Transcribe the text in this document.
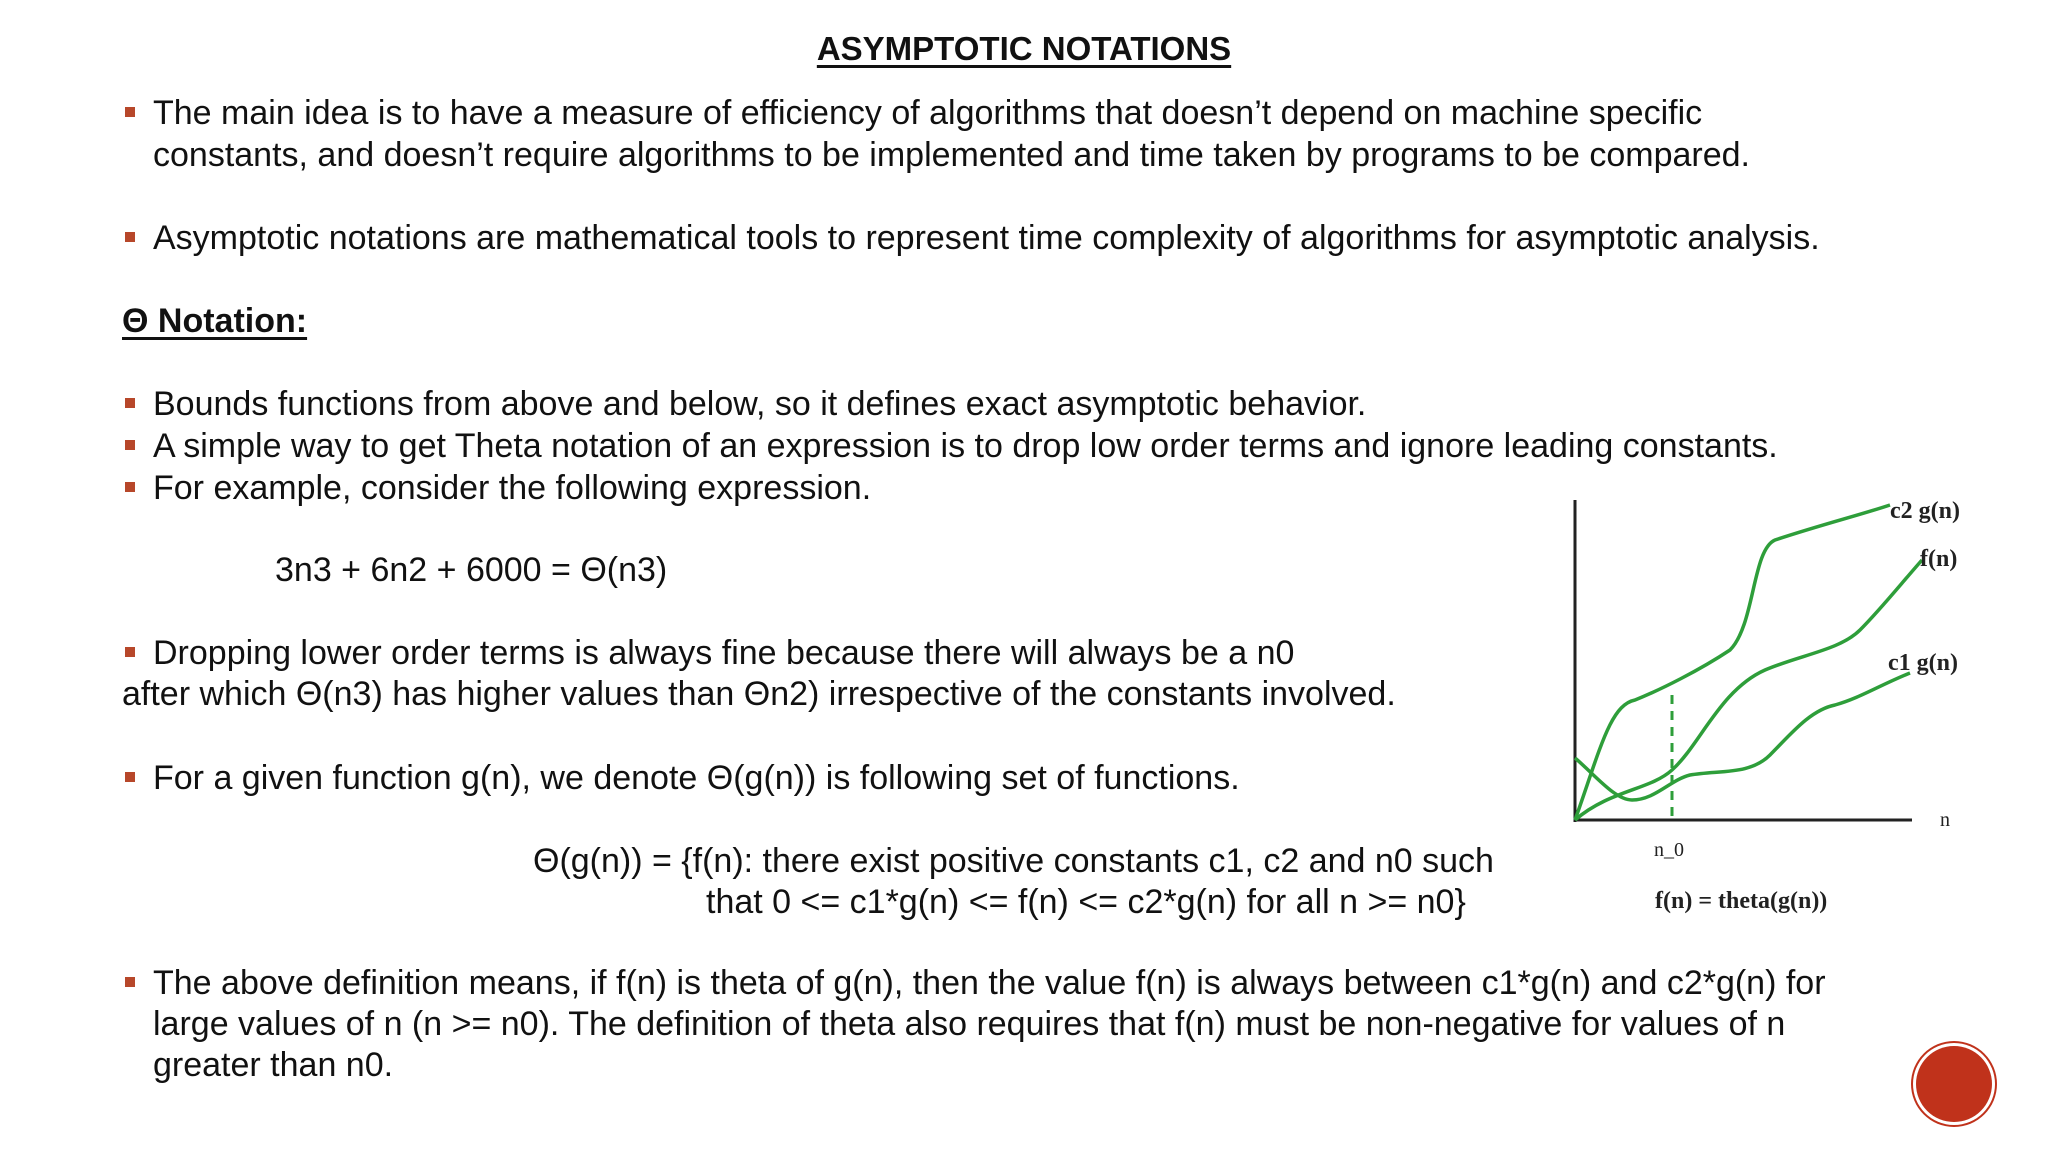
ASYMPTOTIC NOTATIONS
The main idea is to have a measure of efficiency of algorithms that doesn’t depend on machine specific
constants, and doesn’t require algorithms to be implemented and time taken by programs to be compared.
Asymptotic notations are mathematical tools to represent time complexity of algorithms for asymptotic analysis.
Θ Notation:
Bounds functions from above and below, so it defines exact asymptotic behavior.
A simple way to get Theta notation of an expression is to drop low order terms and ignore leading constants.
For example, consider the following expression.
3n3 + 6n2 + 6000 = Θ(n3)
Dropping lower order terms is always fine because there will always be a n0
after which Θ(n3) has higher values than Θn2) irrespective of the constants involved.
For a given function g(n), we denote Θ(g(n)) is following set of functions.
Θ(g(n)) = {f(n): there exist positive constants c1, c2 and n0 such
that 0 <= c1*g(n) <= f(n) <= c2*g(n) for all n >= n0}
The above definition means, if f(n) is theta of g(n), then the value f(n) is always between c1*g(n) and c2*g(n) for
large values of n (n >= n0). The definition of theta also requires that f(n) must be non-negative for values of n
greater than n0.
c2 g(n)
f(n)
c1 g(n)
n
n_0
f(n) = theta(g(n))
